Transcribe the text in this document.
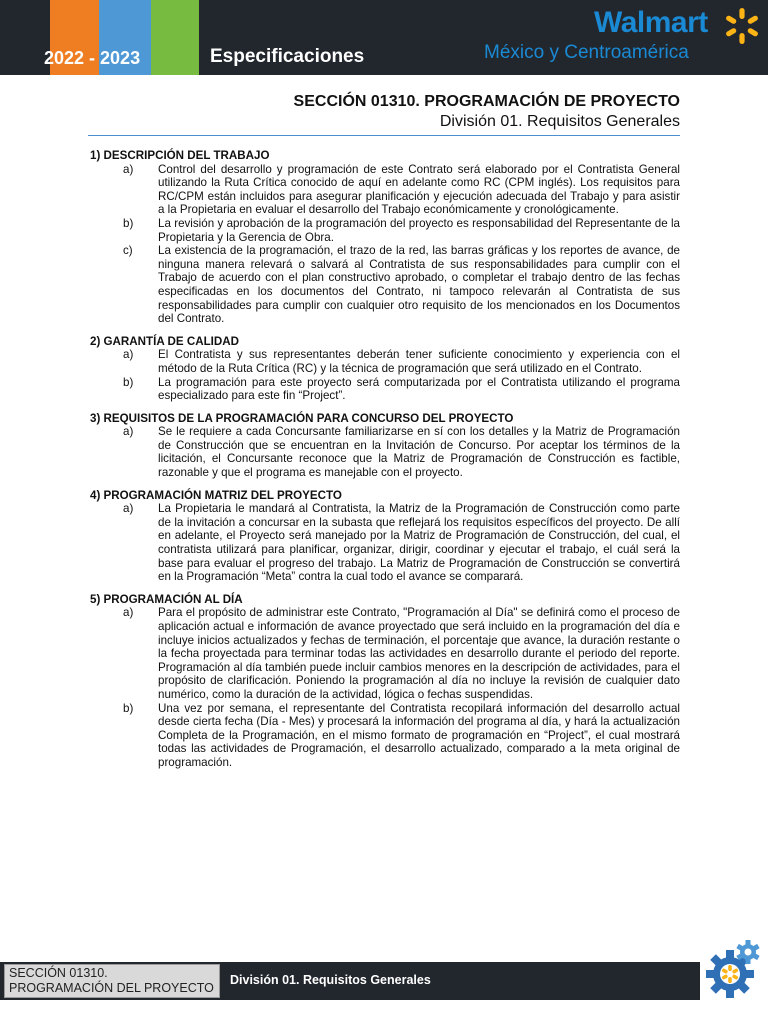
2022 - 2023	Especificaciones
Walmart
México y Centroamérica
SECCIÓN 01310. PROGRAMACIÓN DE PROYECTO
División 01. Requisitos Generales
1) DESCRIPCIÓN DEL TRABAJO
a)	Control del desarrollo y programación de este Contrato será elaborado por el Contratista General utilizando la Ruta Crítica conocido de aquí en adelante como RC (CPM inglés). Los requisitos para RC/CPM están incluidos para asegurar planificación y ejecución adecuada del Trabajo y para asistir a la Propietaria en evaluar el desarrollo del Trabajo económicamente y cronológicamente.
b)	La revisión y aprobación de la programación del proyecto es responsabilidad del Representante de la Propietaria y la Gerencia de Obra.
c)	La existencia de la programación, el trazo de la red, las barras gráficas y los reportes de avance, de ninguna manera relevará o salvará al Contratista de sus responsabilidades para cumplir con el Trabajo de acuerdo con el plan constructivo aprobado, o completar el trabajo dentro de las fechas especificadas en los documentos del Contrato, ni tampoco relevarán al Contratista de sus responsabilidades para cumplir con cualquier otro requisito de los mencionados en los Documentos del Contrato.
2) GARANTÍA DE CALIDAD
a)	El Contratista y sus representantes deberán tener suficiente conocimiento y experiencia con el método de la Ruta Crítica (RC) y la técnica de programación que será utilizado en el Contrato.
b)	La programación para este proyecto será computarizada por el Contratista utilizando el programa especializado para este fin “Project”.
3) REQUISITOS DE LA PROGRAMACIÓN PARA CONCURSO DEL PROYECTO
a)	Se le requiere a cada Concursante familiarizarse en sí con los detalles y la Matriz de Programación de Construcción que se encuentran en la Invitación de Concurso. Por aceptar los términos de la licitación, el Concursante reconoce que la Matriz de Programación de Construcción es factible, razonable y que el programa es manejable con el proyecto.
4) PROGRAMACIÓN MATRIZ DEL PROYECTO
a)	La Propietaria le mandará al Contratista, la Matriz de la Programación de Construcción como parte de la invitación a concursar en la subasta que reflejará los requisitos específicos del proyecto. De allí en adelante, el Proyecto será manejado por la Matriz de Programación de Construcción, del cual, el contratista utilizará para planificar, organizar, dirigir, coordinar y ejecutar el trabajo, el cuál será la base para evaluar el progreso del trabajo. La Matriz de Programación de Construcción se convertirá en la Programación “Meta” contra la cual todo el avance se comparará.
5) PROGRAMACIÓN AL DÍA
a)	Para el propósito de administrar este Contrato, "Programación al Día" se definirá como el proceso de aplicación actual e información de avance proyectado que será incluido en la programación del día e incluye inicios actualizados y fechas de terminación, el porcentaje que avance, la duración restante o la fecha proyectada para terminar todas las actividades en desarrollo durante el periodo del reporte. Programación al día también puede incluir cambios menores en la descripción de actividades, para el propósito de clarificación. Poniendo la programación al día no incluye la revisión de cualquier dato numérico, como la duración de la actividad, lógica o fechas suspendidas.
b)	Una vez por semana, el representante del Contratista recopilará información del desarrollo actual desde cierta fecha (Día - Mes) y procesará la información del programa al día, y hará la actualización Completa de la Programación, en el mismo formato de programación en “Project”, el cual mostrará todas las actividades de Programación, el desarrollo actualizado, comparado a la meta original de programación.
SECCIÓN 01310.
PROGRAMACIÓN DEL PROYECTO
División 01. Requisitos Generales
